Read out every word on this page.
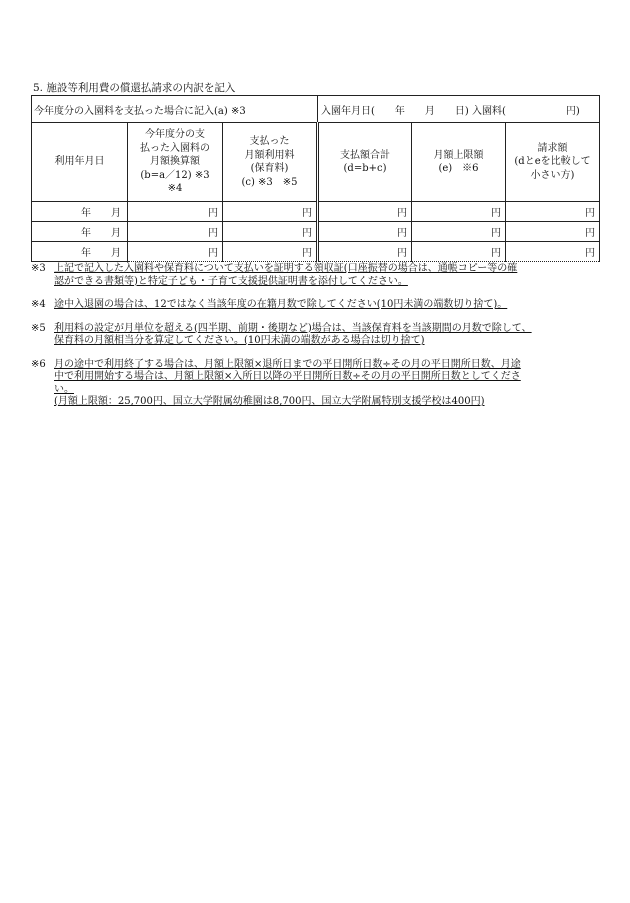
5. 施設等利用費の償還払請求の内訳を記入
今年度分の入園料を支払った場合に記入(a) ※3			入園年月日(　　年　　月　　日) 入園料(　　　　　　円)		

利用年月日	今年度分の支
払った入園料の
月額換算額
(b=a／12) ※3
※4	支払った
月額利用料
(保育料)
(c) ※3　※5	支払額合計
(d=b+c)	月額上限額
(e)　※6	請求額
(dとeを比較して
小さい方)

年 月	円	円	円	円	円

年 月	円	円	円	円	円

年 月	円	円	円	円	円
※3 上記で記入した入園料や保育料について支払いを証明する領収証(口座振替の場合は、通帳コピー等の確
認ができる書類等)と特定子ども・子育て支援提供証明書を添付してください。
※4 途中入退園の場合は、12ではなく当該年度の在籍月数で除してください(10円未満の端数切り捨て)。
※5 利用料の設定が月単位を超える(四半期、前期・後期など)場合は、当該保育料を当該期間の月数で除して、
保育料の月額相当分を算定してください。(10円未満の端数がある場合は切り捨て)
※6 月の途中で利用終了する場合は、月額上限額×退所日までの平日開所日数÷その月の平日開所日数、月途
中で利用開始する場合は、月額上限額×入所日以降の平日開所日数÷その月の平日開所日数としてくださ
い。
(月額上限額：25,700円、国立大学附属幼稚園は8,700円、国立大学附属特別支援学校は400円)
